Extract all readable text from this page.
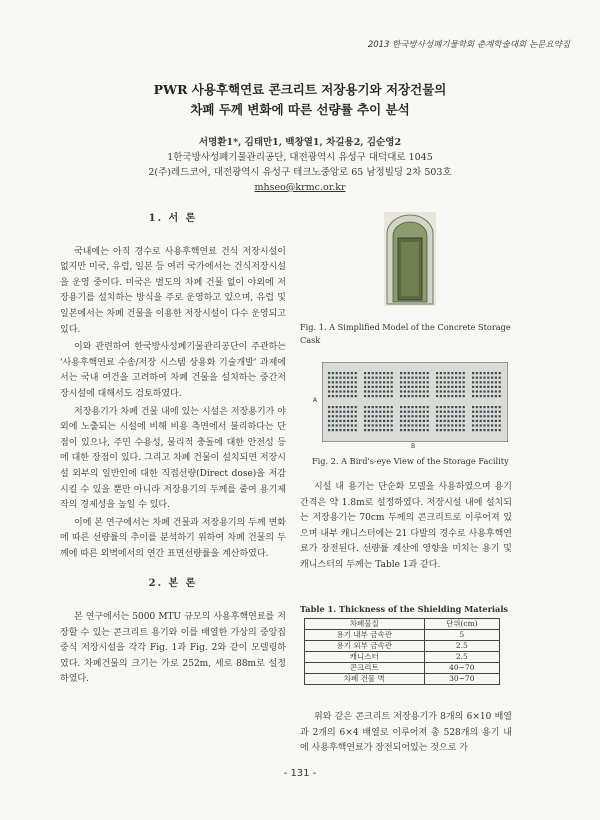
2013 한국방사성폐기물학회 춘계학술대회 논문요약집
PWR 사용후핵연료 콘크리트 저장용기와 저장건물의
차폐 두께 변화에 따른 선량률 추이 분석
서명환1*, 김태만1, 백창열1, 차길용2, 김순영2
1한국방사성폐기물관리공단, 대전광역시 유성구 대덕대로 1045
2(주)레드코어, 대전광역시 유성구 테크노중앙로 65 남정빌딩 2차 503호
mhseo@krmc.or.kr
1. 서 론

국내에는 아직 경수로 사용후핵연료 건식 저장시설이 없지만 미국, 유럽, 일본 등 여러 국가에서는 건식저장시설을 운영 중이다. 미국은 별도의 차폐 건물 없이 야외에 저장용기를 설치하는 방식을 주로 운영하고 있으며, 유럽 및 일본에서는 차폐 건물을 이용한 저장시설이 다수 운영되고 있다.

이와 관련하여 한국방사성폐기물관리공단이 주관하는 '사용후핵연료 수송/저장 시스템 상용화 기술개발' 과제에서는 국내 여건을 고려하여 차폐 건물을 설치하는 중간저장시설에 대해서도 검토하였다.

저장용기가 차폐 건물 내에 있는 시설은 저장용기가 야외에 노출되는 시설에 비해 비용 측면에서 불리하다는 단점이 있으나, 주민 수용성, 물리적 충돌에 대한 안전성 등에 대한 장점이 있다. 그리고 차폐 건물이 설치되면 저장시설 외부의 일반인에 대한 직접선량(Direct dose)을 저감시킬 수 있을 뿐만 아니라 저장용기의 두께를 줄여 용기제작의 경제성을 높일 수 있다.

이에 본 연구에서는 차폐 건물과 저장용기의 두께 변화에 따른 선량률의 추이를 분석하기 위하여 차폐 건물의 두께에 따른 외벽에서의 연간 표면선량률을 계산하였다.

2. 본 론

본 연구에서는 5000 MTU 규모의 사용후핵연료를 저장할 수 있는 콘크리트 용기와 이를 배열한 가상의 중앙집중식 저장시설을 각각 Fig. 1과 Fig. 2와 같이 모델링하였다. 차폐건물의 크기는 가로 252m, 세로 88m로 설정하였다.

Fig. 1. A Simplified Model of the Concrete Storage Cask
A
B
Fig. 2. A Bird's-eye View of the Storage Facility

시설 내 용기는 단순화 모델을 사용하였으며 용기 간격은 약 1.8m로 설정하였다. 저장시설 내에 설치되는 저장용기는 70cm 두께의 콘크리트로 이루어져 있으며 내부 캐니스터에는 21 다발의 경수로 사용후핵연료가 장전된다. 선량률 계산에 영향을 미치는 용기 및 캐니스터의 두께는 Table 1과 같다.

Table 1. Thickness of the Shielding Materials
차폐물질	단위(cm)
용기 내부 금속관	5
용기 외부 금속관	2.5
캐니스터	2.5
콘크리트	40~70
차폐 건물 벽	30~70

위와 같은 콘크리트 저장용기가 8개의 6×10 배열과 2개의 6×4 배열로 이루어져 총 528개의 용기 내에 사용후핵연료가 장전되어있는 것으로 가

- 131 -
